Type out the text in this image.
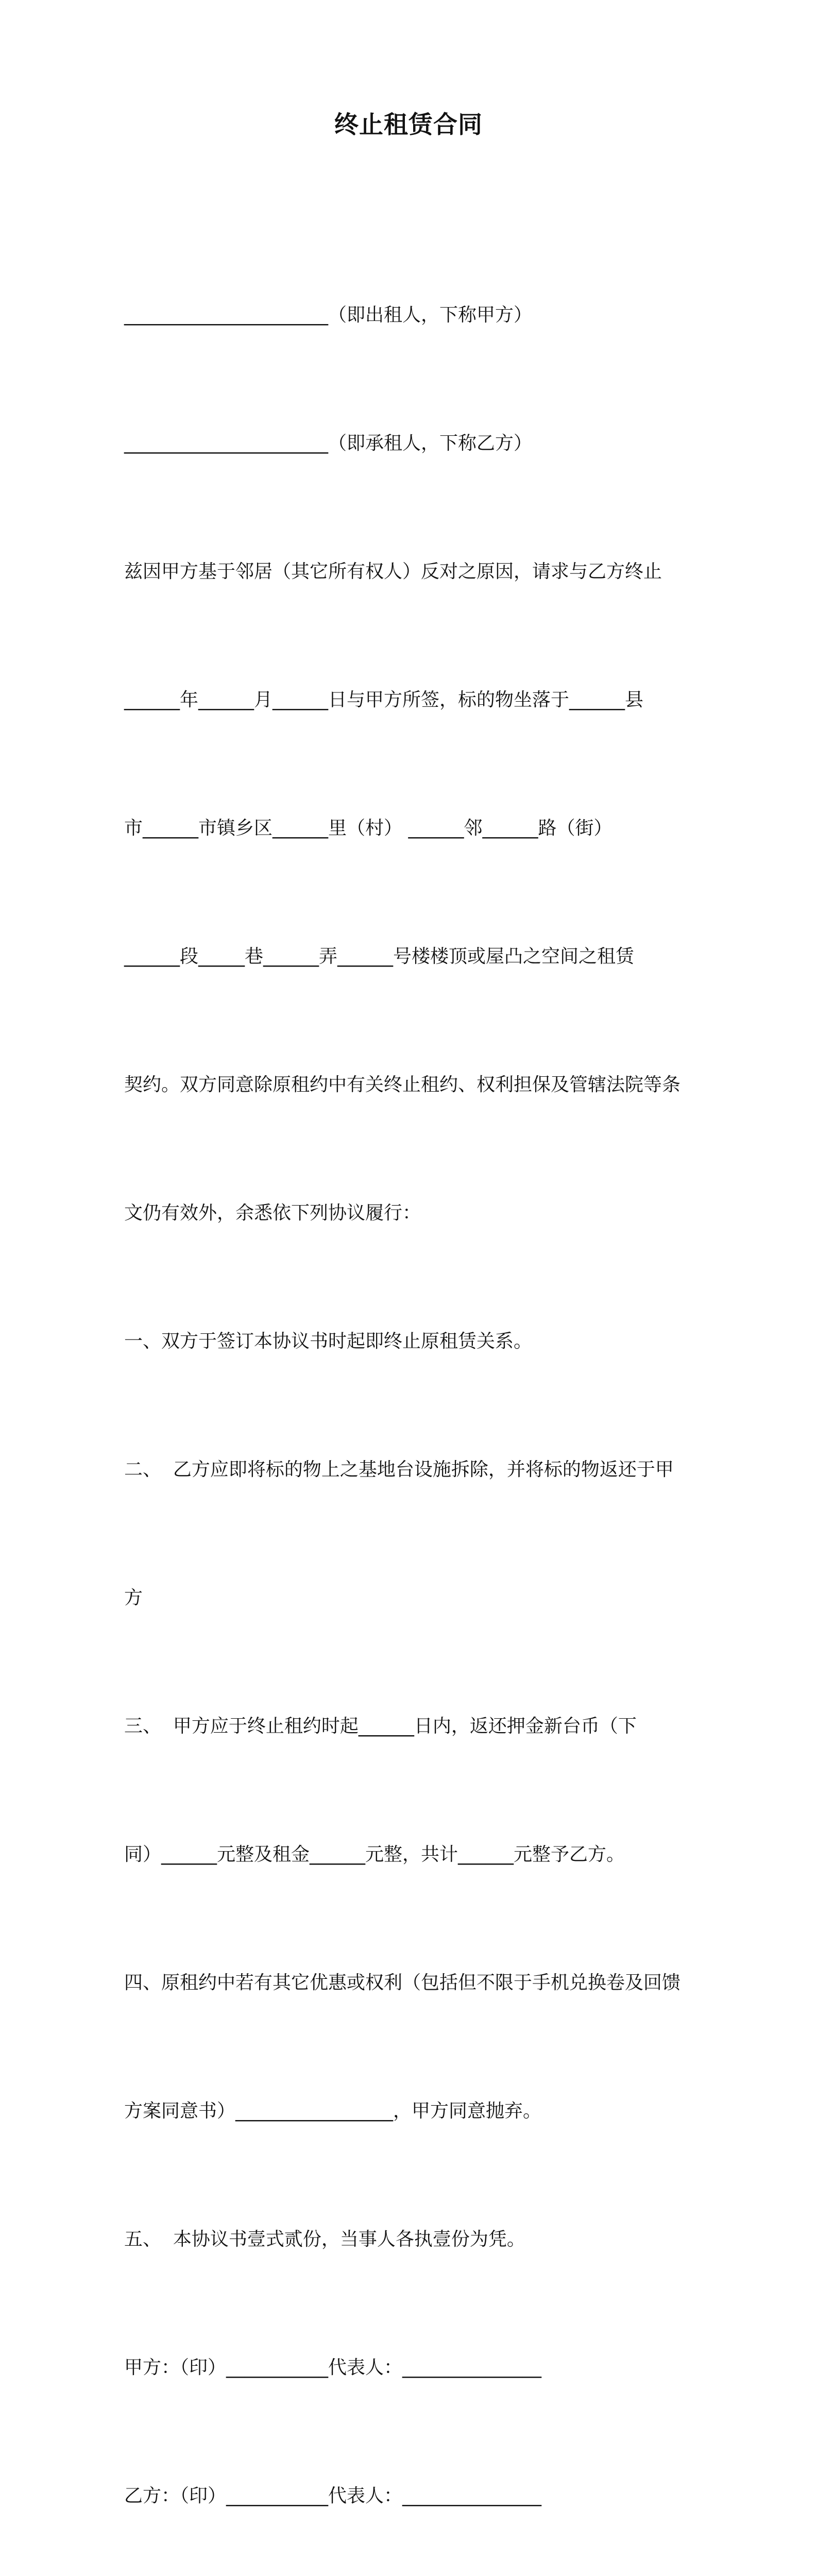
终止租赁合同

______________________（即出租人，下称甲方）

______________________（即承租人，下称乙方）

兹因甲方基于邻居（其它所有权人）反对之原因，请求与乙方终止

______年______月______日与甲方所签，标的物坐落于______县

市______市镇乡区______里（村） ______邻______路（街）

______段_____巷______弄______号楼楼顶或屋凸之空间之租赁

契约。双方同意除原租约中有关终止租约、权利担保及管辖法院等条

文仍有效外，余悉依下列协议履行：

一、双方于签订本协议书时起即终止原租赁关系。

二、  乙方应即将标的物上之基地台设施拆除，并将标的物返还于甲

方

三、  甲方应于终止租约时起______日内，返还押金新台币（下

同）______元整及租金______元整，共计______元整予乙方。

四、原租约中若有其它优惠或权利（包括但不限于手机兑换卷及回馈

方案同意书）_________________，甲方同意抛弃。

五、  本协议书壹式贰份，当事人各执壹份为凭。

甲方：（印）___________代表人：_______________

乙方：（印）___________代表人：_______________
